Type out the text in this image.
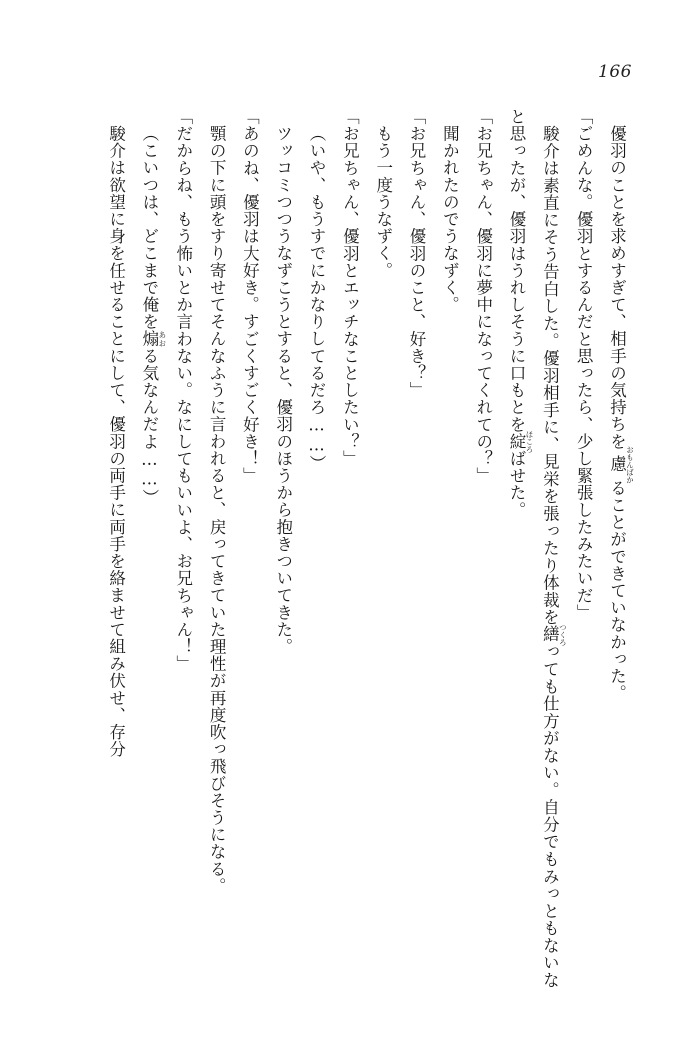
166

優羽のことを求めすぎて、相手の気持ちを慮 おもんばかることができていなかった。

「ごめんな。優羽とするんだと思ったら、少し緊張したみたいだ」

駿介は素直にそう告白した。優羽相手に、見栄を張ったり体裁を繕 つくろっても仕方がない。自分でもみっともないなと思ったが、優羽はうれしそうに口もとを綻 ほころばせた。

「お兄ちゃん、優羽に夢中になってくれての？」

聞かれたのでうなずく。

「お兄ちゃん、優羽のこと、好き？」

もう一度うなずく。

「お兄ちゃん、優羽とエッチなことしたい？」

（いや、もうすでにかなりしてるだろ……）

ツッコミつつうなずこうとすると、優羽のほうから抱きついてきた。

「あのね、優羽は大好き。すごくすごく好き！」

顎の下に頭をすり寄せてそんなふうに言われると、戻ってきていた理性が再度吹っ飛びそうになる。

「だからね、もう怖いとか言わない。なにしてもいいよ、お兄ちゃん！」

（こいつは、どこまで俺を煽 あおる気なんだよ……）

駿介は欲望に身を任せることにして、優羽の両手に両手を絡ませて組み伏せ、存分
